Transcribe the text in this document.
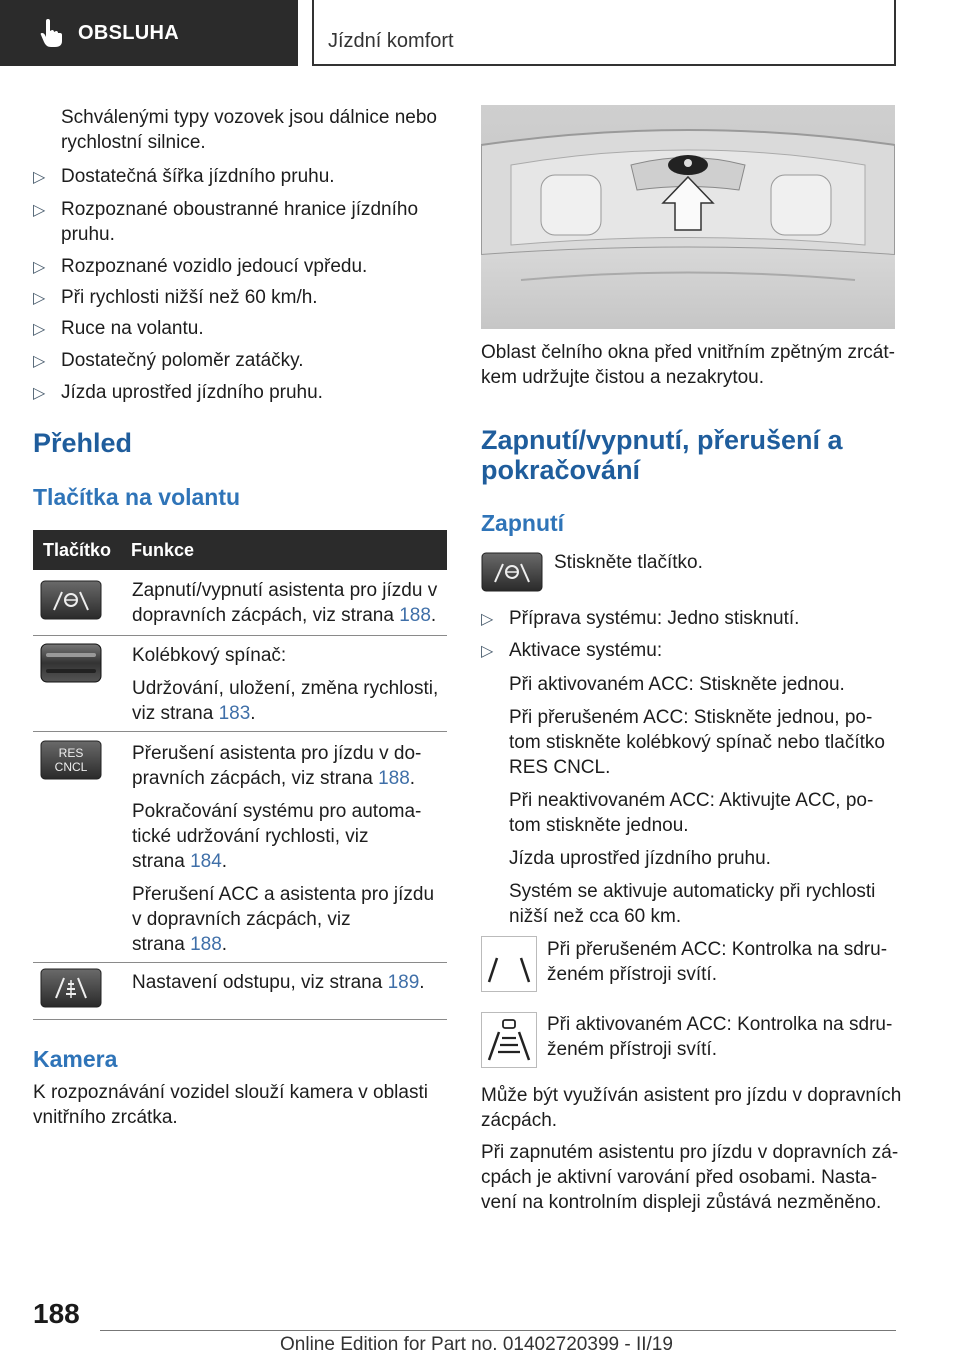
OBSLUHA	Jízdní komfort
Schválenými typy vozovek jsou dálnice nebo
rychlostní silnice.
▷ Dostatečná šířka jízdního pruhu.
▷ Rozpoznané oboustranné hranice jízdního
pruhu.
▷ Rozpoznané vozidlo jedoucí vpředu.
▷ Při rychlosti nižší než 60 km/h.
▷ Ruce na volantu.
▷ Dostatečný poloměr zatáčky.
▷ Jízda uprostřed jízdního pruhu.
Přehled
Tlačítka na volantu
Tlačítko Funkce
Zapnutí/vypnutí asistenta pro jízdu v
dopravních zácpách, viz strana 188.
Kolébkový spínač:
Udržování, uložení, změna rychlosti,
viz strana 183.
RES
CNCL
Přerušení asistenta pro jízdu v do-
pravních zácpách, viz strana 188.
Pokračování systému pro automa-
tické udržování rychlosti, viz
strana 184.
Přerušení ACC a asistenta pro jízdu
v dopravních zácpách, viz
strana 188.
Nastavení odstupu, viz strana 189.
Kamera
K rozpoznávání vozidel slouží kamera v oblasti
vnitřního zrcátka.
Oblast čelního okna před vnitřním zpětným zrcát-
kem udržujte čistou a nezakrytou.
Zapnutí/vypnutí, přerušení a
pokračování
Zapnutí
Stiskněte tlačítko.
▷ Příprava systému: Jedno stisknutí.
▷ Aktivace systému:
Při aktivovaném ACC: Stiskněte jednou.
Při přerušeném ACC: Stiskněte jednou, po-
tom stiskněte kolébkový spínač nebo tlačítko
RES CNCL.
Při neaktivovaném ACC: Aktivujte ACC, po-
tom stiskněte jednou.
Jízda uprostřed jízdního pruhu.
Systém se aktivuje automaticky při rychlosti
nižší než cca 60 km.
Při přerušeném ACC: Kontrolka na sdru-
ženém přístroji svítí.
Při aktivovaném ACC: Kontrolka na sdru-
ženém přístroji svítí.
Může být využíván asistent pro jízdu v dopravních
zácpách.
Při zapnutém asistentu pro jízdu v dopravních zá-
cpách je aktivní varování před osobami. Nasta-
vení na kontrolním displeji zůstává nezměněno.
188
Online Edition for Part no. 01402720399 - II/19
